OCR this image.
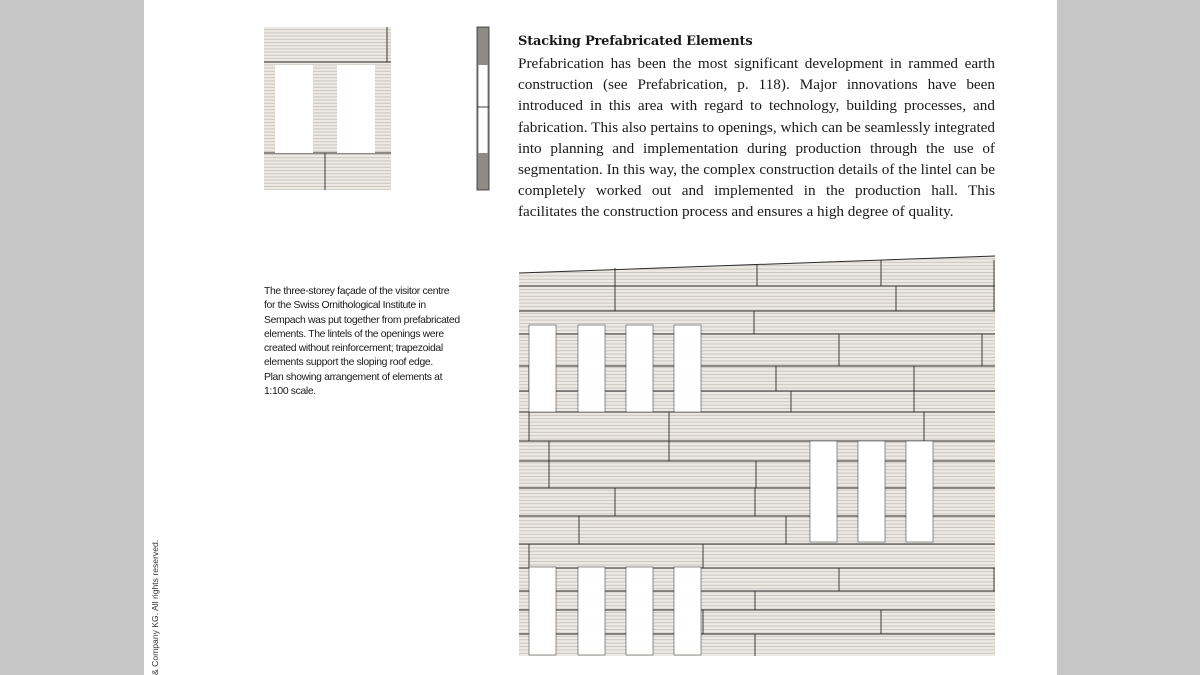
Stacking Prefabricated Elements
Prefabrication has been the most significant development in rammed earth construction (see Prefabrication, p. 118). Major innovations have been introduced in this area with regard to technology, building processes, and fabrication. This also pertains to openings, which can be seamlessly integrated into planning and implementation during production through the use of segmentation. In this way, the complex construction details of the lintel can be completely worked out and implemented in the production hall. This facilitates the construction process and ensures a high degree of quality.
The three-storey façade of the visitor centre
for the Swiss Ornithological Institute in
Sempach was put together from prefabricated
elements. The lintels of the openings were
created without reinforcement; trapezoidal
elements support the sloping roof edge.
Plan showing arrangement of elements at
1:100 scale.
& Company KG. All rights reserved.
